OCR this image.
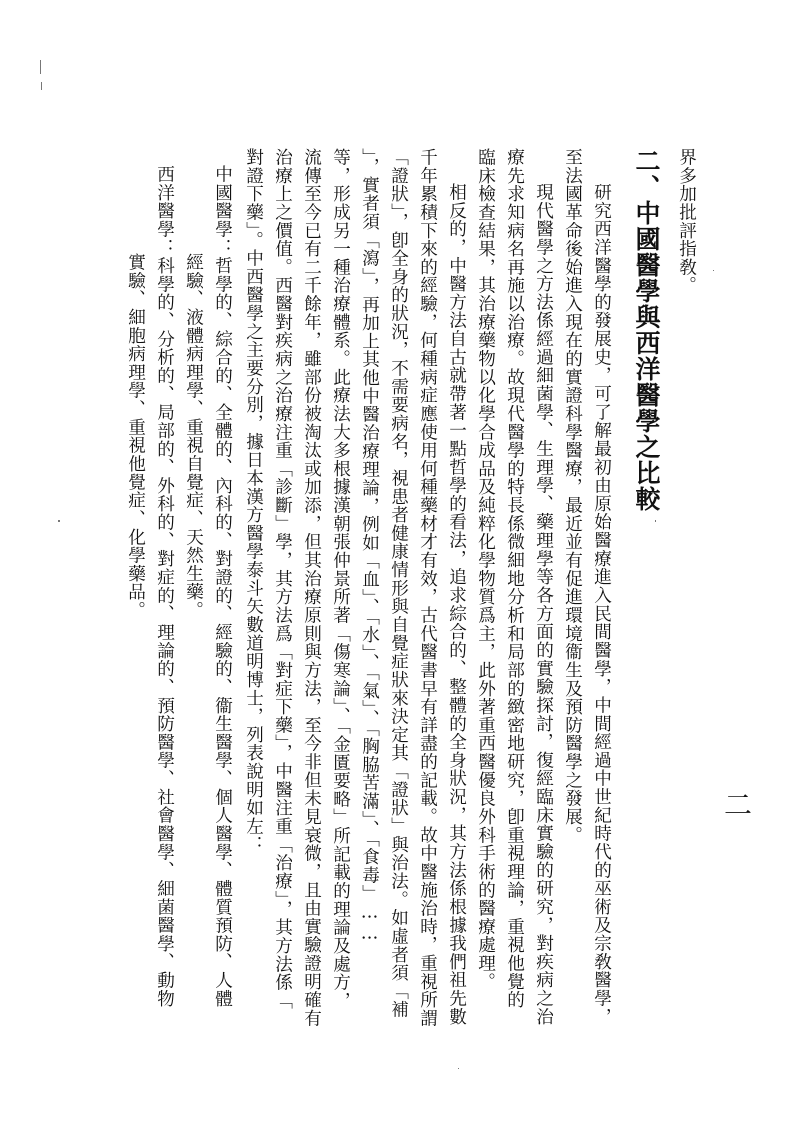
二
界多加批評指敎。
二、中國醫學與西洋醫學之比較
研究西洋醫學的發展史，可了解最初由原始醫療進入民間醫學，中間經過中世紀時代的巫術及宗敎醫學，
至法國革命後始進入現在的實證科學醫療，最近並有促進環境衞生及預防醫學之發展。
現代醫學之方法係經過細菌學、生理學、藥理學等各方面的實驗探討，復經臨床實驗的研究，對疾病之治
療先求知病名再施以治療。故現代醫學的特長係微細地分析和局部的緻密地研究，卽重視理論，重視他覺的
臨床檢查結果，其治療藥物以化學合成品及純粹化學物質爲主，此外著重西醫優良外科手術的醫療處理。
相反的，中醫方法自古就帶著一點哲學的看法，追求綜合的、整體的全身狀況，其方法係根據我們祖先數
千年累積下來的經驗，何種病症應使用何種藥材才有效，古代醫書早有詳盡的記載。故中醫施治時，重視所謂
「證狀」，卽全身的狀況，不需要病名，視患者健康情形與自覺症狀來決定其「證狀」與治法。如虛者須「補
」，實者須「瀉」，再加上其他中醫治療理論，例如「血」、「水」、「氣」、「胸脇苦滿」、「食毒」……
等，形成另一種治療體系。此療法大多根據漢朝張仲景所著「傷寒論」、「金匱要略」所記載的理論及處方，
流傳至今已有二千餘年，雖部份被淘汰或加添，但其治療原則與方法，至今非但未見衰微，且由實驗證明確有
治療上之價值。西醫對疾病之治療注重「診斷」學，其方法爲「對症下藥」，中醫注重「治療」，其方法係「
對證下藥」。中西醫學之主要分別，據日本漢方醫學泰斗矢數道明博士，列表說明如左：
中國醫學：哲學的、綜合的、全體的、內科的、對證的、經驗的、衞生醫學、個人醫學、體質預防、人體
經驗、液體病理學、重視自覺症、天然生藥。
西洋醫學：科學的、分析的、局部的、外科的、對症的、理論的、預防醫學、社會醫學、細菌醫學、動物
實驗、細胞病理學、重視他覺症、化學藥品。
